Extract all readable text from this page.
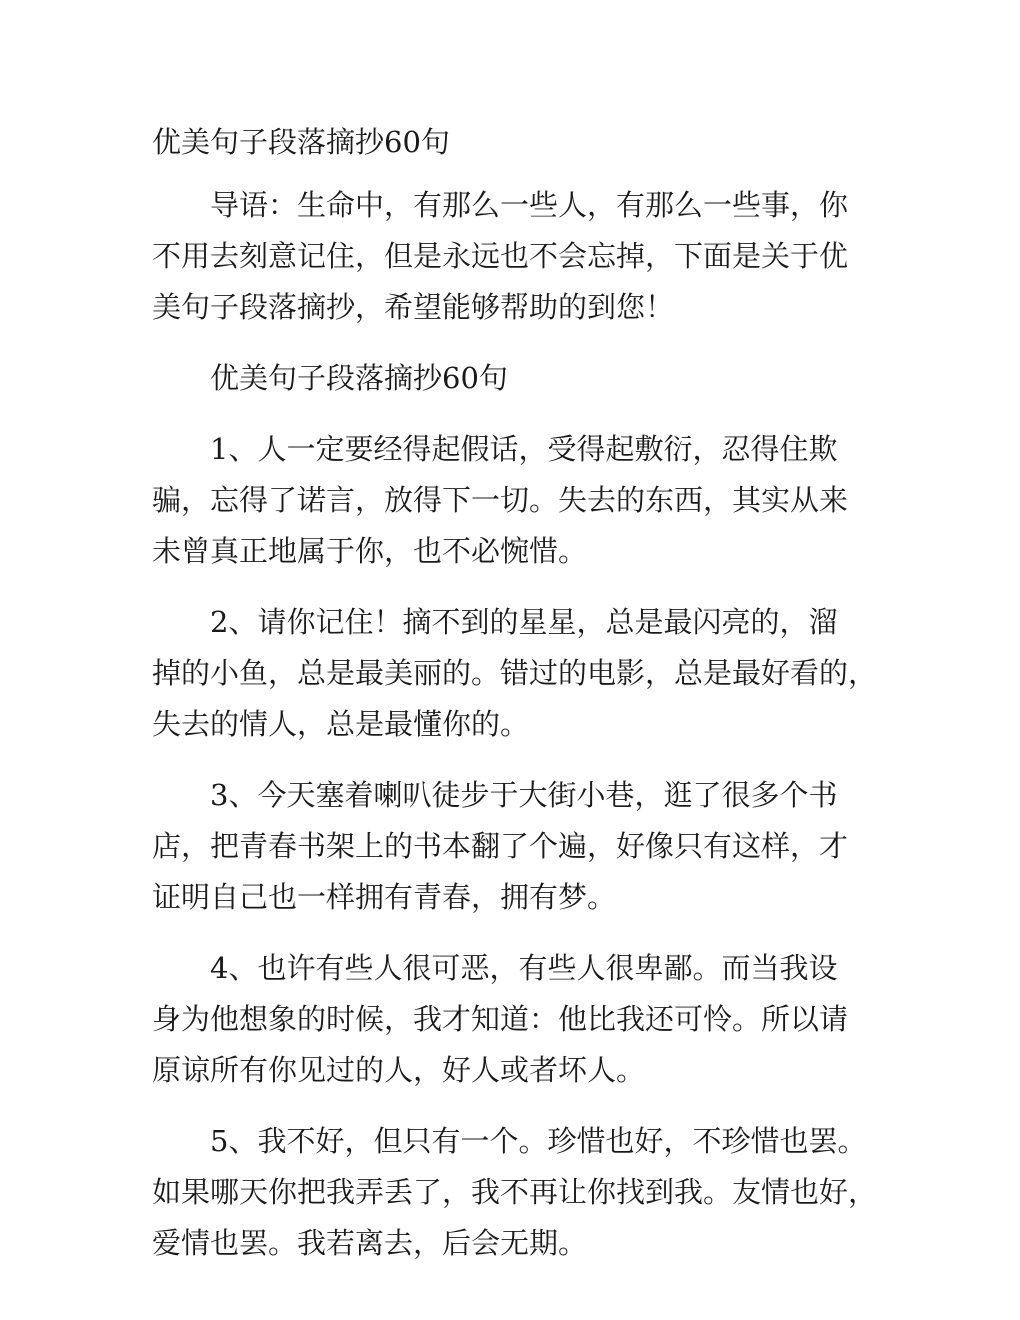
优美句子段落摘抄60句

导语：生命中，有那么一些人，有那么一些事，你
不用去刻意记住，但是永远也不会忘掉，下面是关于优
美句子段落摘抄，希望能够帮助的到您！

优美句子段落摘抄60句

1、人一定要经得起假话，受得起敷衍，忍得住欺
骗，忘得了诺言，放得下一切。失去的东西，其实从来
未曾真正地属于你，也不必惋惜。

2、请你记住！摘不到的星星，总是最闪亮的，溜
掉的小鱼，总是最美丽的。错过的电影，总是最好看的，
失去的情人，总是最懂你的。

3、今天塞着喇叭徒步于大街小巷，逛了很多个书
店，把青春书架上的书本翻了个遍，好像只有这样，才
证明自己也一样拥有青春，拥有梦。

4、也许有些人很可恶，有些人很卑鄙。而当我设
身为他想象的时候，我才知道：他比我还可怜。所以请
原谅所有你见过的人，好人或者坏人。

5、我不好，但只有一个。珍惜也好，不珍惜也罢。
如果哪天你把我弄丢了，我不再让你找到我。友情也好，
爱情也罢。我若离去，后会无期。
